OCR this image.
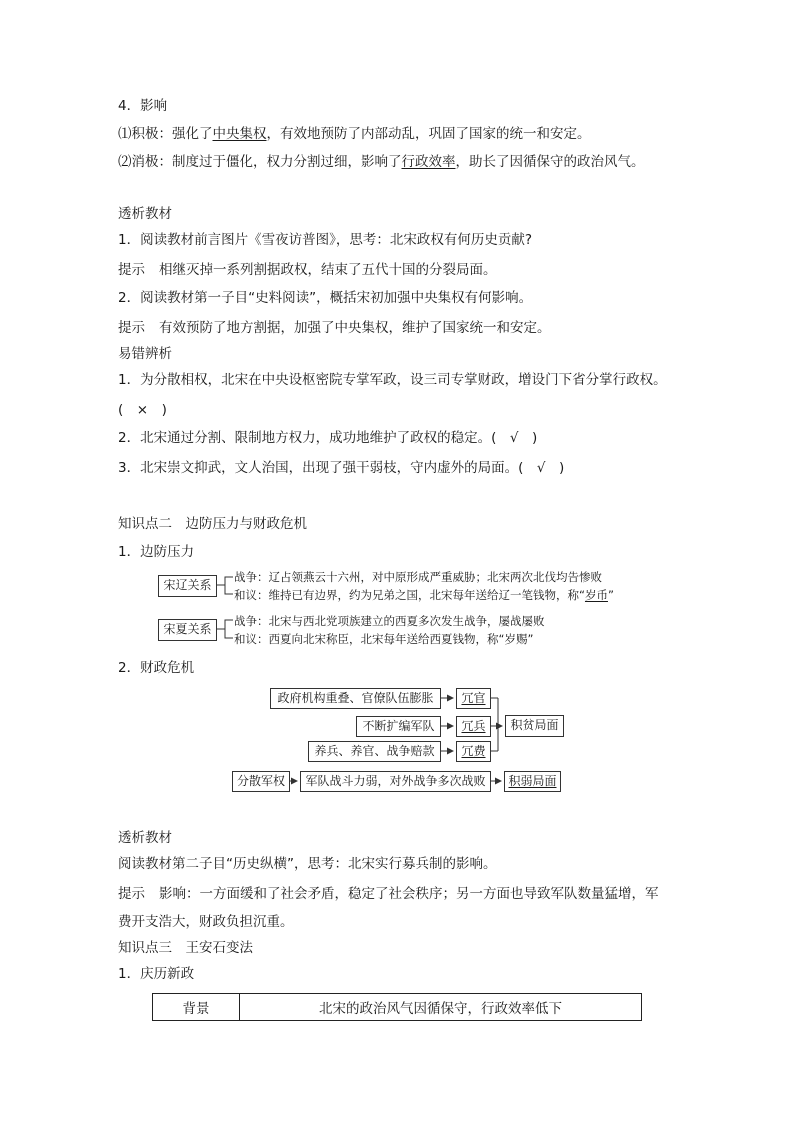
4．影响
⑴积极：强化了中央集权，有效地预防了内部动乱，巩固了国家的统一和安定。
⑵消极：制度过于僵化，权力分割过细，影响了行政效率，助长了因循保守的政治风气。
透析教材
1．阅读教材前言图片《雪夜访普图》，思考：北宋政权有何历史贡献?
提示 相继灭掉一系列割据政权，结束了五代十国的分裂局面。
2．阅读教材第一子目“史料阅读”，概括宋初加强中央集权有何影响。
提示 有效预防了地方割据，加强了中央集权，维护了国家统一和安定。
易错辨析
1．为分散相权，北宋在中央设枢密院专掌军政，设三司专掌财政，增设门下省分掌行政权。
(　×　)
2．北宋通过分割、限制地方权力，成功地维护了政权的稳定。(　√　)
3．北宋崇文抑武，文人治国，出现了强干弱枝，守内虚外的局面。(　√　)
知识点二　边防压力与财政危机
1．边防压力
宋辽关系
战争：辽占领燕云十六州，对中原形成严重威胁；北宋两次北伐均告惨败
和议：维持已有边界，约为兄弟之国，北宋每年送给辽一笔钱物，称“岁币”
宋夏关系
战争：北宋与西北党项族建立的西夏多次发生战争，屡战屡败
和议：西夏向北宋称臣，北宋每年送给西夏钱物，称“岁赐”
2．财政危机
政府机构重叠、官僚队伍膨胀	冗官
不断扩编军队	冗兵
养兵、养官、战争赔款	冗费
积贫局面
分散军权	军队战斗力弱，对外战争多次战败	积弱局面
透析教材
阅读教材第二子目“历史纵横”，思考：北宋实行募兵制的影响。
提示 影响：一方面缓和了社会矛盾，稳定了社会秩序；另一方面也导致军队数量猛增，军
费开支浩大，财政负担沉重。
知识点三　王安石变法
1．庆历新政
背景	北宋的政治风气因循保守，行政效率低下
